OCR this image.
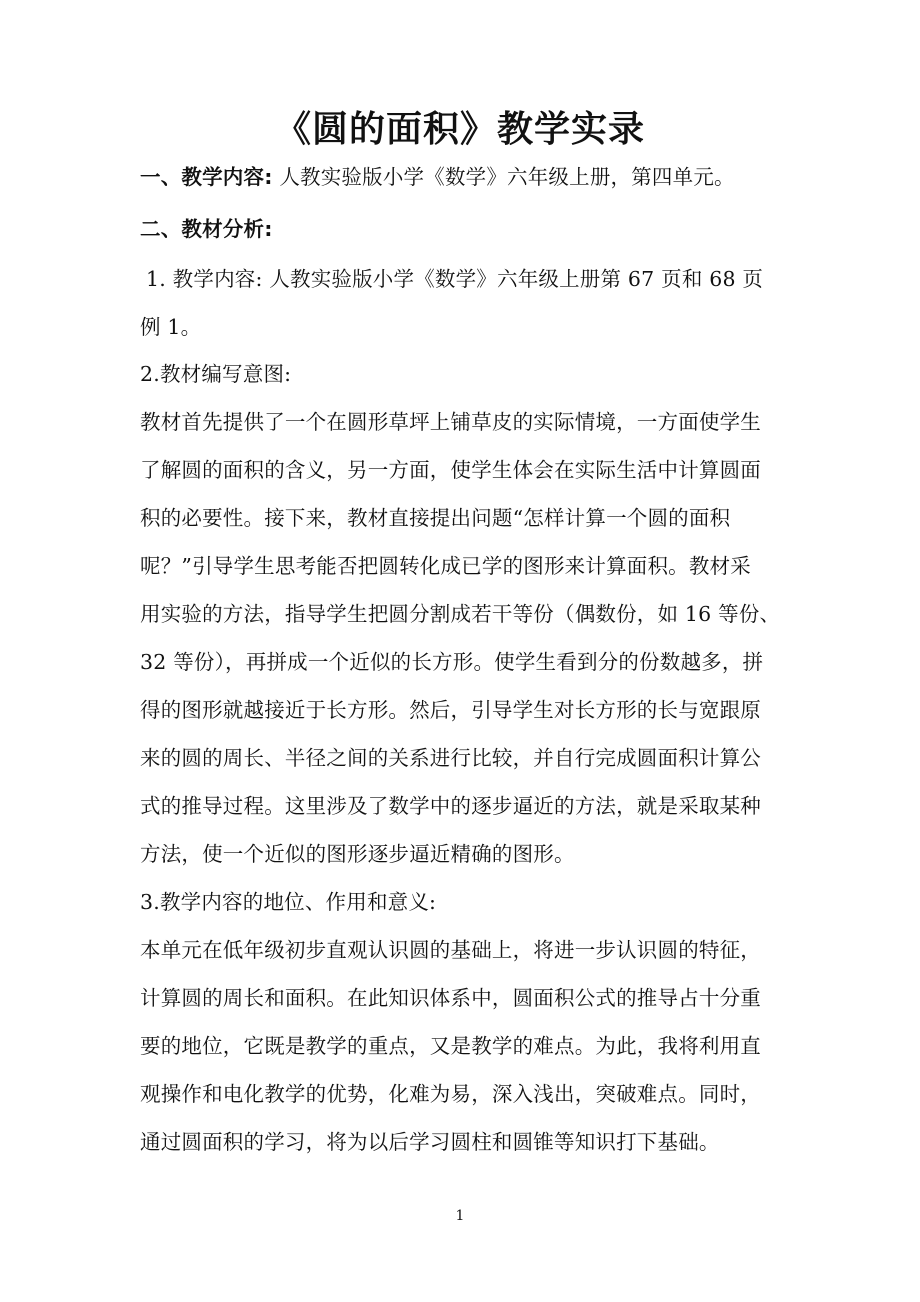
《圆的面积》教学实录
一、教学内容: 人教实验版小学《数学》六年级上册，第四单元。
二、教材分析:
1. 教学内容: 人教实验版小学《数学》六年级上册第 67 页和 68 页
例 1。
2.教材编写意图:
教材首先提供了一个在圆形草坪上铺草皮的实际情境，一方面使学生
了解圆的面积的含义，另一方面，使学生体会在实际生活中计算圆面
积的必要性。接下来，教材直接提出问题“怎样计算一个圆的面积
呢？”引导学生思考能否把圆转化成已学的图形来计算面积。教材采
用实验的方法，指导学生把圆分割成若干等份（偶数份，如 16 等份、
32 等份），再拼成一个近似的长方形。使学生看到分的份数越多，拼
得的图形就越接近于长方形。然后，引导学生对长方形的长与宽跟原
来的圆的周长、半径之间的关系进行比较，并自行完成圆面积计算公
式的推导过程。这里涉及了数学中的逐步逼近的方法，就是采取某种
方法，使一个近似的图形逐步逼近精确的图形。
3.教学内容的地位、作用和意义:
本单元在低年级初步直观认识圆的基础上，将进一步认识圆的特征，
计算圆的周长和面积。在此知识体系中，圆面积公式的推导占十分重
要的地位，它既是教学的重点，又是教学的难点。为此，我将利用直
观操作和电化教学的优势，化难为易，深入浅出，突破难点。同时，
通过圆面积的学习，将为以后学习圆柱和圆锥等知识打下基础。
1
